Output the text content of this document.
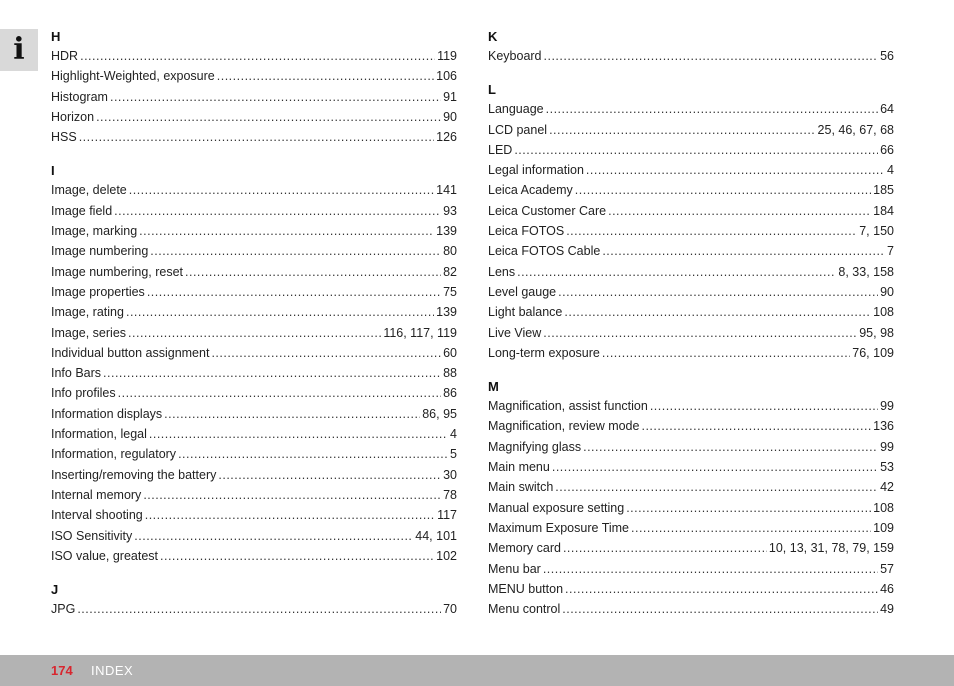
i H
HDR .....	119
Highlight-Weighted, exposure .....	106
Histogram .....	91
Horizon .....	90
HSS .....	126
I
Image, delete .....	141
Image field .....	93
Image, marking .....	139
Image numbering .....	80
Image numbering, reset .....	82
Image properties .....	75
Image, rating .....	139
Image, series .....	116, 117, 119
Individual button assignment .....	60
Info Bars .....	88
Info profiles .....	86
Information displays .....	86, 95
Information, legal .....	4
Information, regulatory .....	5
Inserting/removing the battery .....	30
Internal memory .....	78
Interval shooting .....	117
ISO Sensitivity .....	44, 101
ISO value, greatest .....	102
J
JPG .....	70
K
Keyboard .....	56
L
Language .....	64
LCD panel .....	25, 46, 67, 68
LED .....	66
Legal information .....	4
Leica Academy .....	185
Leica Customer Care .....	184
Leica FOTOS .....	7, 150
Leica FOTOS Cable .....	7
Lens .....	8, 33, 158
Level gauge .....	90
Light balance .....	108
Live View .....	95, 98
Long-term exposure .....	76, 109
M
Magnification, assist function .....	99
Magnification, review mode .....	136
Magnifying glass .....	99
Main menu .....	53
Main switch .....	42
Manual exposure setting .....	108
Maximum Exposure Time .....	109
Memory card .....	10, 13, 31, 78, 79, 159
Menu bar .....	57
MENU button .....	46
Menu control .....	49
174 INDEX
